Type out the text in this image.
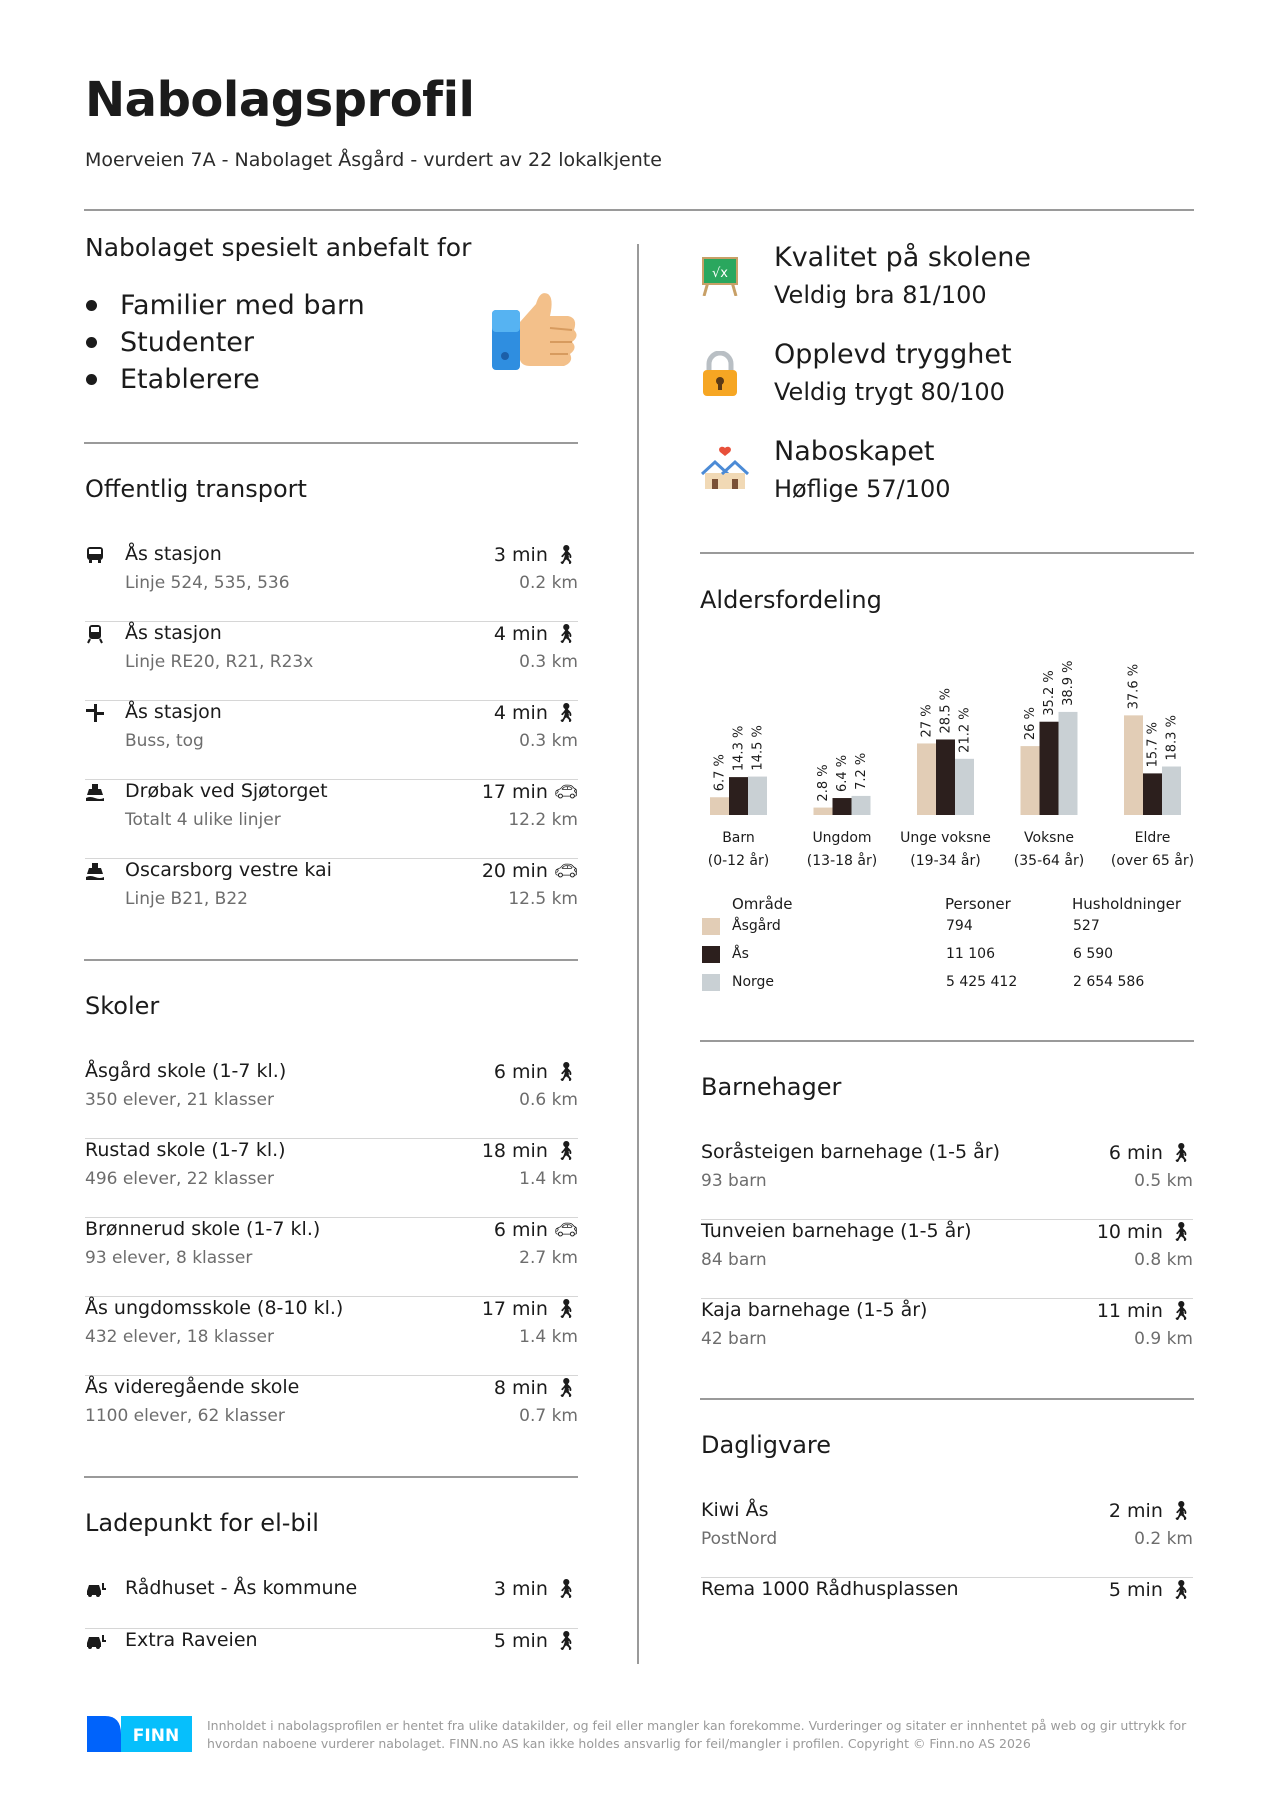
Nabolagsprofil
Moerveien 7A - Nabolaget Åsgård - vurdert av 22 lokalkjente
Nabolaget spesielt anbefalt for
Familier med barn
Studenter
Etablerere
√x
Kvalitet på skolene
Veldig bra 81/100
Opplevd trygghet
Veldig trygt 80/100
Naboskapet
Høflige 57/100
Offentlig transport
Ås stasjon
Linje 524, 535, 536
3 min 🚶︎
0.2 km
Ås stasjon
Linje RE20, R21, R23x
4 min 🚶︎
0.3 km
Ås stasjon
Buss, tog
4 min 🚶︎
0.3 km
Drøbak ved Sjøtorget
Totalt 4 ulike linjer
17 min 🚗︎
12.2 km
Oscarsborg vestre kai
Linje B21, B22
20 min 🚗︎
12.5 km
Skoler
Åsgård skole (1-7 kl.)
350 elever, 21 klasser
6 min 🚶︎
0.6 km
Rustad skole (1-7 kl.)
496 elever, 22 klasser
18 min 🚶︎
1.4 km
Brønnerud skole (1-7 kl.)
93 elever, 8 klasser
6 min 🚗︎
2.7 km
Ås ungdomsskole (8-10 kl.)
432 elever, 18 klasser
17 min 🚶︎
1.4 km
Ås videregående skole
1100 elever, 62 klasser
8 min 🚶︎
0.7 km
Ladepunkt for el-bil
Rådhuset - Ås kommune	3 min 🚶︎
Extra Raveien	5 min 🚶︎
Aldersfordeling
6.7 %
14.3 % 14.5 %
Barn
(0-12 år)
2.8 % 6.4 % 7.2 %
Ungdom
(13-18 år)
27 % 28.5 % 21.2 %
Unge voksne
(19-34 år)
26 %
35.2 % 38.9 %
Voksne
(35-64 år)
37.6 %
15.7 % 18.3 %
Eldre
(over 65 år)
Område	Personer	Husholdninger
Åsgård	794	527
Ås	11 106	6 590
Norge	5 425 412	2 654 586
Barnehager
Soråsteigen barnehage (1-5 år)
93 barn
6 min 🚶︎
0.5 km
Tunveien barnehage (1-5 år)
84 barn
10 min 🚶︎
0.8 km
Kaja barnehage (1-5 år)
42 barn
11 min 🚶︎
0.9 km
Dagligvare
Kiwi Ås
PostNord
2 min 🚶︎
0.2 km
Rema 1000 Rådhusplassen	5 min 🚶︎
FINN
Innholdet i nabolagsprofilen er hentet fra ulike datakilder, og feil eller mangler kan forekomme. Vurderinger og sitater er innhentet på web og gir uttrykk for hvordan naboene vurderer nabolaget. FINN.no AS kan ikke holdes ansvarlig for feil/mangler i profilen. Copyright © Finn.no AS 2026
